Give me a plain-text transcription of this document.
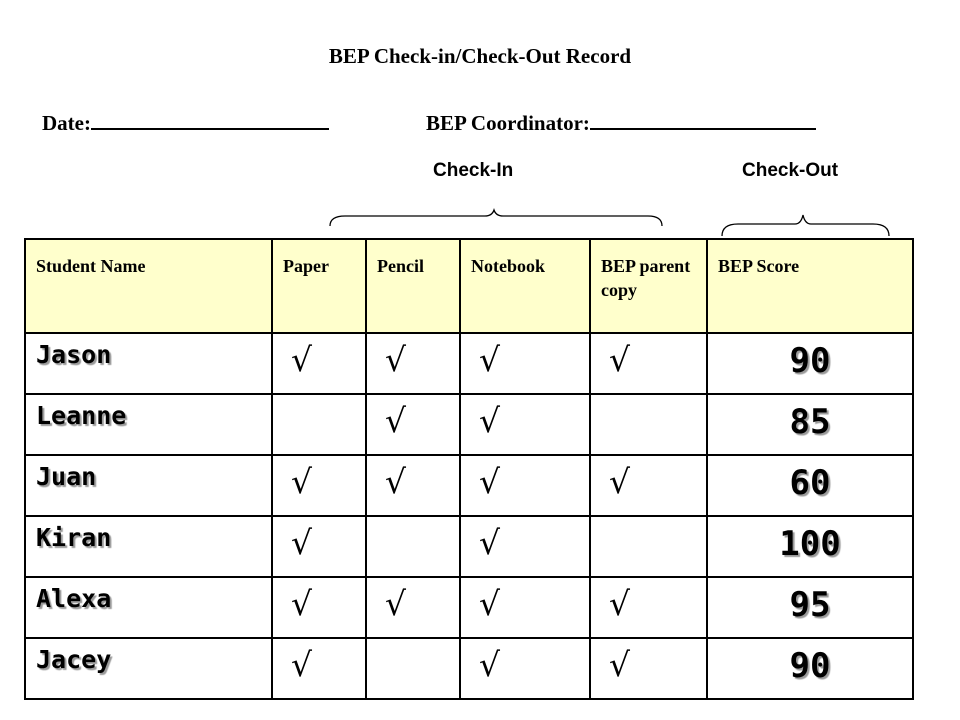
BEP Check-in/Check-Out Record
Date:	BEP Coordinator:
Check-In	Check-Out
Student Name	Paper	Pencil	Notebook	BEP parent copy	BEP Score

Jason	√	√	√	√	90

Leanne		√	√		85

Juan	√	√	√	√	60

Kiran	√		√		100

Alexa	√	√	√	√	95

Jacey	√		√	√	90
